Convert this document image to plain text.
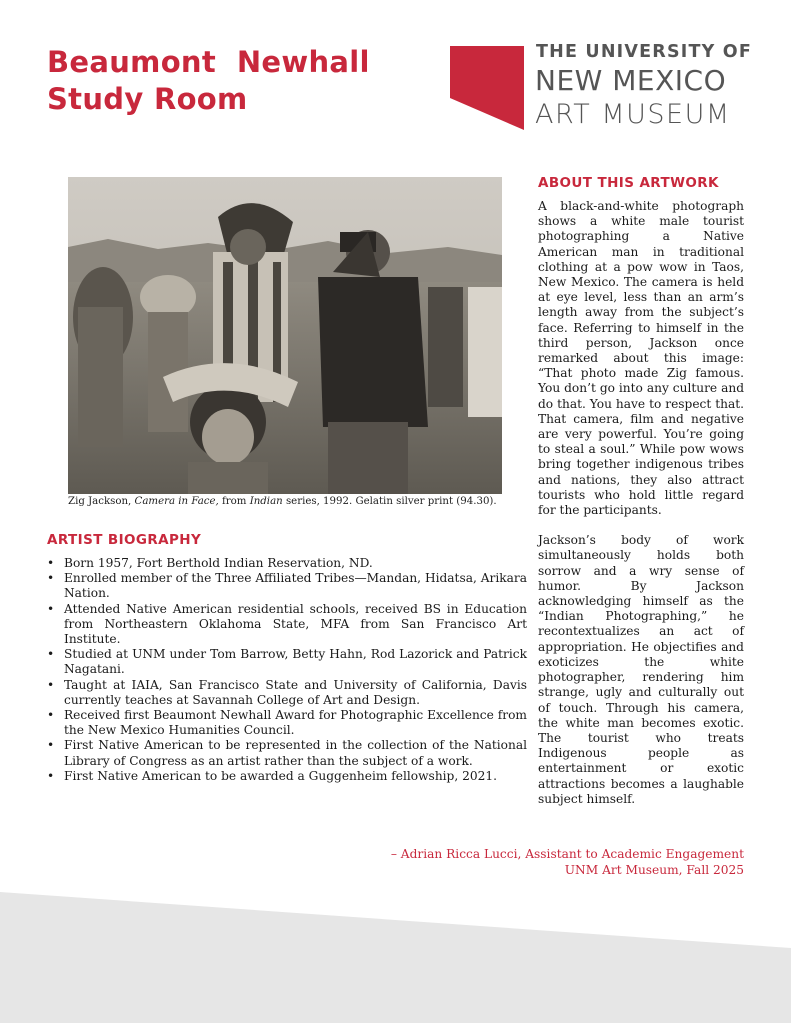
Beaumont  Newhall
Study Room
THE UNIVERSITY OF
NEW MEXICO
ART MUSEUM
Zig Jackson, Camera in Face, from Indian series, 1992. Gelatin silver print (94.30).
ARTIST BIOGRAPHY
• Born 1957, Fort Berthold Indian Reservation, ND.
• Enrolled member of the Three Affiliated Tribes—Mandan, Hidatsa, Arikara Nation.
• Attended Native American residential schools, received BS in Education from Northeastern Oklahoma State, MFA from San Francisco Art Institute.
• Studied at UNM under Tom Barrow, Betty Hahn, Rod Lazorick and Patrick Nagatani.
• Taught at IAIA, San Francisco State and University of California, Davis currently teaches at Savannah College of Art and Design.
• Received first Beaumont Newhall Award for Photographic Excellence from the New Mexico Humanities Council.
• First Native American to be represented in the collection of the National Library of Congress as an artist rather than the subject of a work.
• First Native American to be awarded a Guggenheim fellowship, 2021.
ABOUT THIS ARTWORK

A black-and-white photograph shows a white male tourist photographing a Native American man in traditional clothing at a pow wow in Taos, New Mexico. The camera is held at eye level, less than an arm’s length away from the subject’s face. Referring to himself in the third person, Jackson once remarked about this image: “That photo made Zig famous. You don’t go into any culture and do that. You have to respect that. That camera, film and negative are very powerful. You’re going to steal a soul.” While pow wows bring together indigenous tribes and nations, they also attract tourists who hold little regard for the participants.

Jackson’s body of work simultaneously holds both sorrow and a wry sense of humor. By Jackson acknowledging himself as the “Indian Photographing,” he recontextualizes an act of appropriation. He objectifies and exoticizes the white photographer, rendering him strange, ugly and culturally out of touch. Through his camera, the white man becomes exotic. The tourist who treats Indigenous people as entertainment or exotic attractions becomes a laughable subject himself.

– Adrian Ricca Lucci, Assistant to Academic Engagement
UNM Art Museum, Fall 2025
